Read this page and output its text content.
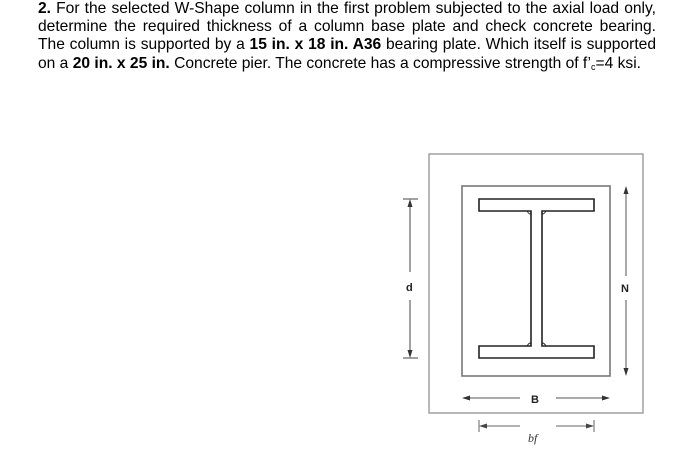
2. For the selected W-Shape column in the first problem subjected to the axial load only, determine the required thickness of a column base plate and check concrete bearing. The column is supported by a 15 in. x 18 in. A36 bearing plate. Which itself is supported on a 20 in. x 25 in. Concrete pier. The concrete has a compressive strength of $f’_c=4$ ksi.

d	N
B
bf
